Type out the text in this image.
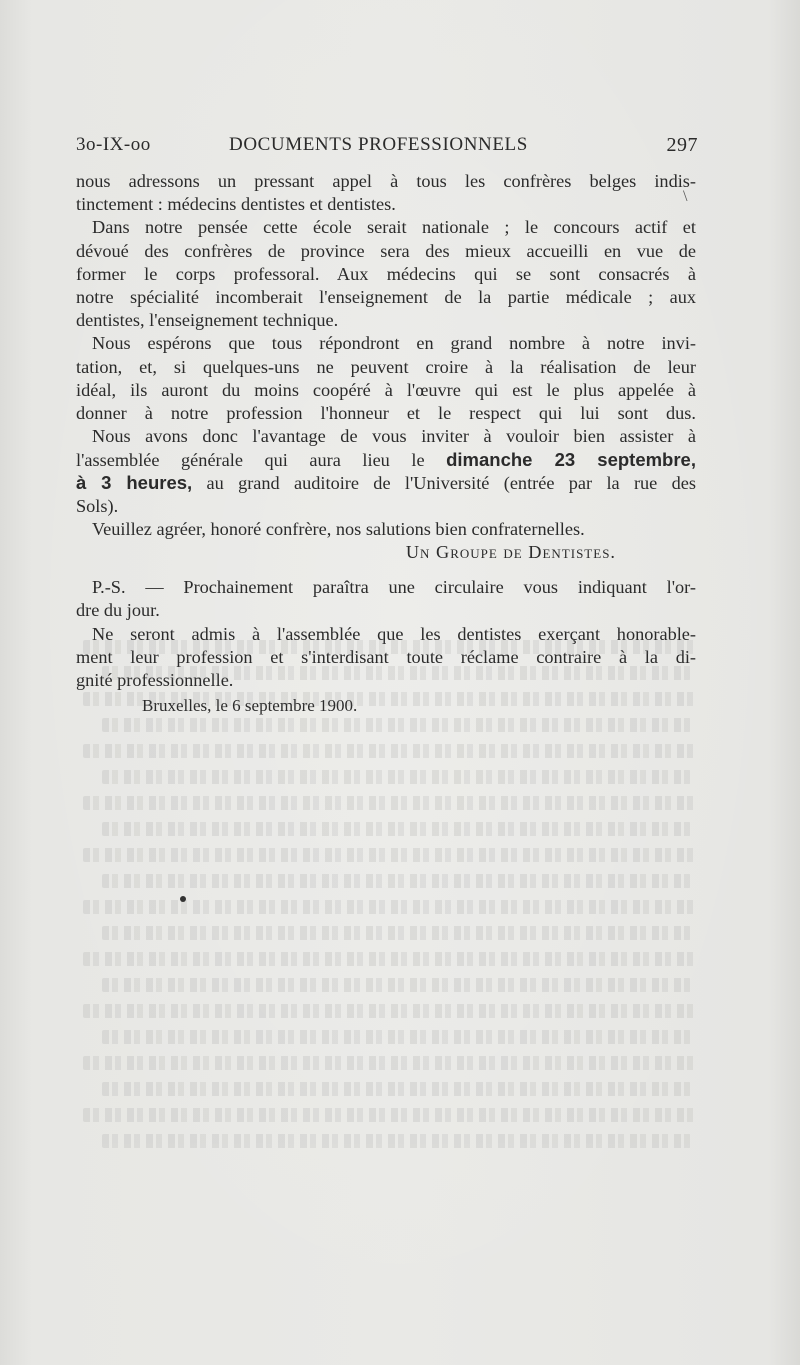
3o-IX-oo	DOCUMENTS PROFESSIONNELS	297
\
nous adressons un pressant appel à tous les confrères belges indis-
tinctement : médecins dentistes et dentistes.
Dans notre pensée cette école serait nationale ; le concours actif et
dévoué des confrères de province sera des mieux accueilli en vue de
former le corps professoral. Aux médecins qui se sont consacrés à
notre spécialité incomberait l'enseignement de la partie médicale ; aux
dentistes, l'enseignement technique.
Nous espérons que tous répondront en grand nombre à notre invi-
tation, et, si quelques-uns ne peuvent croire à la réalisation de leur
idéal, ils auront du moins coopéré à l'œuvre qui est le plus appelée à
donner à notre profession l'honneur et le respect qui lui sont dus.
Nous avons donc l'avantage de vous inviter à vouloir bien assister à
l'assemblée générale qui aura lieu le dimanche 23 septembre,
à 3 heures, au grand auditoire de l'Université (entrée par la rue des
Sols).
Veuillez agréer, honoré confrère, nos salutions bien confraternelles.
Un Groupe de Dentistes.
P.-S. — Prochainement paraîtra une circulaire vous indiquant l'or-
dre du jour.
Ne seront admis à l'assemblée que les dentistes exerçant honorable-
ment leur profession et s'interdisant toute réclame contraire à la di-
gnité professionnelle.
Bruxelles, le 6 septembre 1900.
